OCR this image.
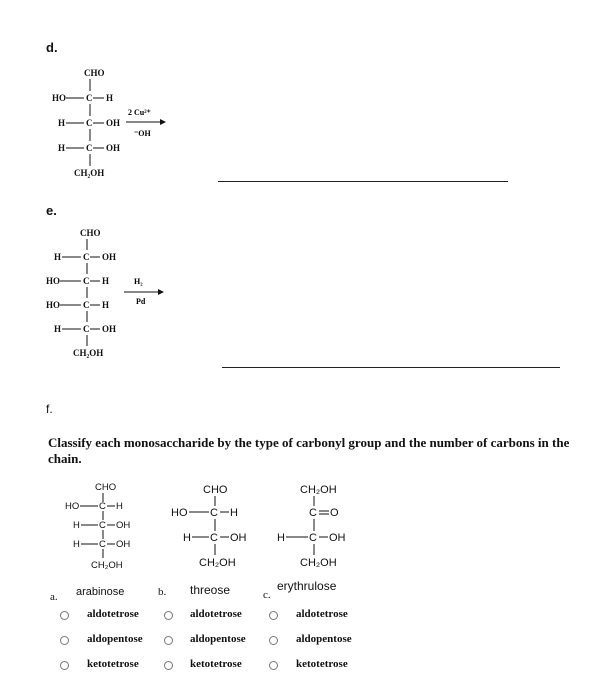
d.
CHO
HO C H
H C OH
H C OH
CH₂OH
2 Cu²⁺
⁻OH
e.
CHO
H C OH
HO	C H
HO	C H
H C OH
CH₂OH
H₂
Pd
f.
Classify each monosaccharide by the type of carbonyl group and the number of carbons in the chain.
CHO
HO C H
H C OH
H C OH
CH₂OH
CHO
HO C H
H C OH
CH₂OH
CH₂OH
C O
H C OH
CH₂OH
a. arabinose	b. threose	c.
erythrulose
aldotetrose
aldopentose
ketotetrose
aldotetrose
aldopentose
ketotetrose
aldotetrose
aldopentose
ketotetrose
